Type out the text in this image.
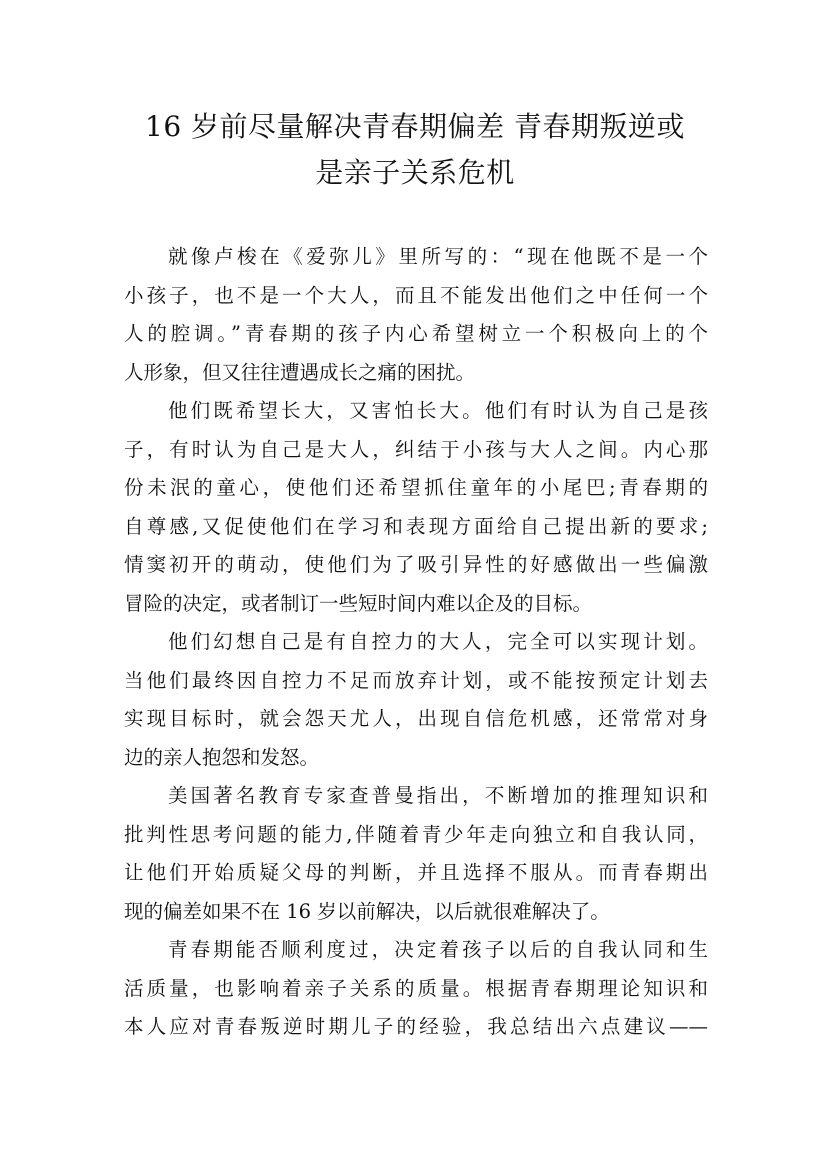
16 岁前尽量解决青春期偏差 青春期叛逆或
是亲子关系危机
就像卢梭在《爱弥儿》里所写的：“现在他既不是一个
小孩子，也不是一个大人，而且不能发出他们之中任何一个
人的腔调。”青春期的孩子内心希望树立一个积极向上的个
人形象，但又往往遭遇成长之痛的困扰。
他们既希望长大，又害怕长大。他们有时认为自己是孩
子，有时认为自己是大人，纠结于小孩与大人之间。内心那
份未泯的童心，使他们还希望抓住童年的小尾巴;青春期的
自尊感,又促使他们在学习和表现方面给自己提出新的要求;
情窦初开的萌动，使他们为了吸引异性的好感做出一些偏激
冒险的决定，或者制订一些短时间内难以企及的目标。
他们幻想自己是有自控力的大人，完全可以实现计划。
当他们最终因自控力不足而放弃计划，或不能按预定计划去
实现目标时，就会怨天尤人，出现自信危机感，还常常对身
边的亲人抱怨和发怒。
美国著名教育专家查普曼指出，不断增加的推理知识和
批判性思考问题的能力,伴随着青少年走向独立和自我认同，
让他们开始质疑父母的判断，并且选择不服从。而青春期出
现的偏差如果不在 16 岁以前解决，以后就很难解决了。
青春期能否顺利度过，决定着孩子以后的自我认同和生
活质量，也影响着亲子关系的质量。根据青春期理论知识和
本人应对青春叛逆时期儿子的经验，我总结出六点建议——
